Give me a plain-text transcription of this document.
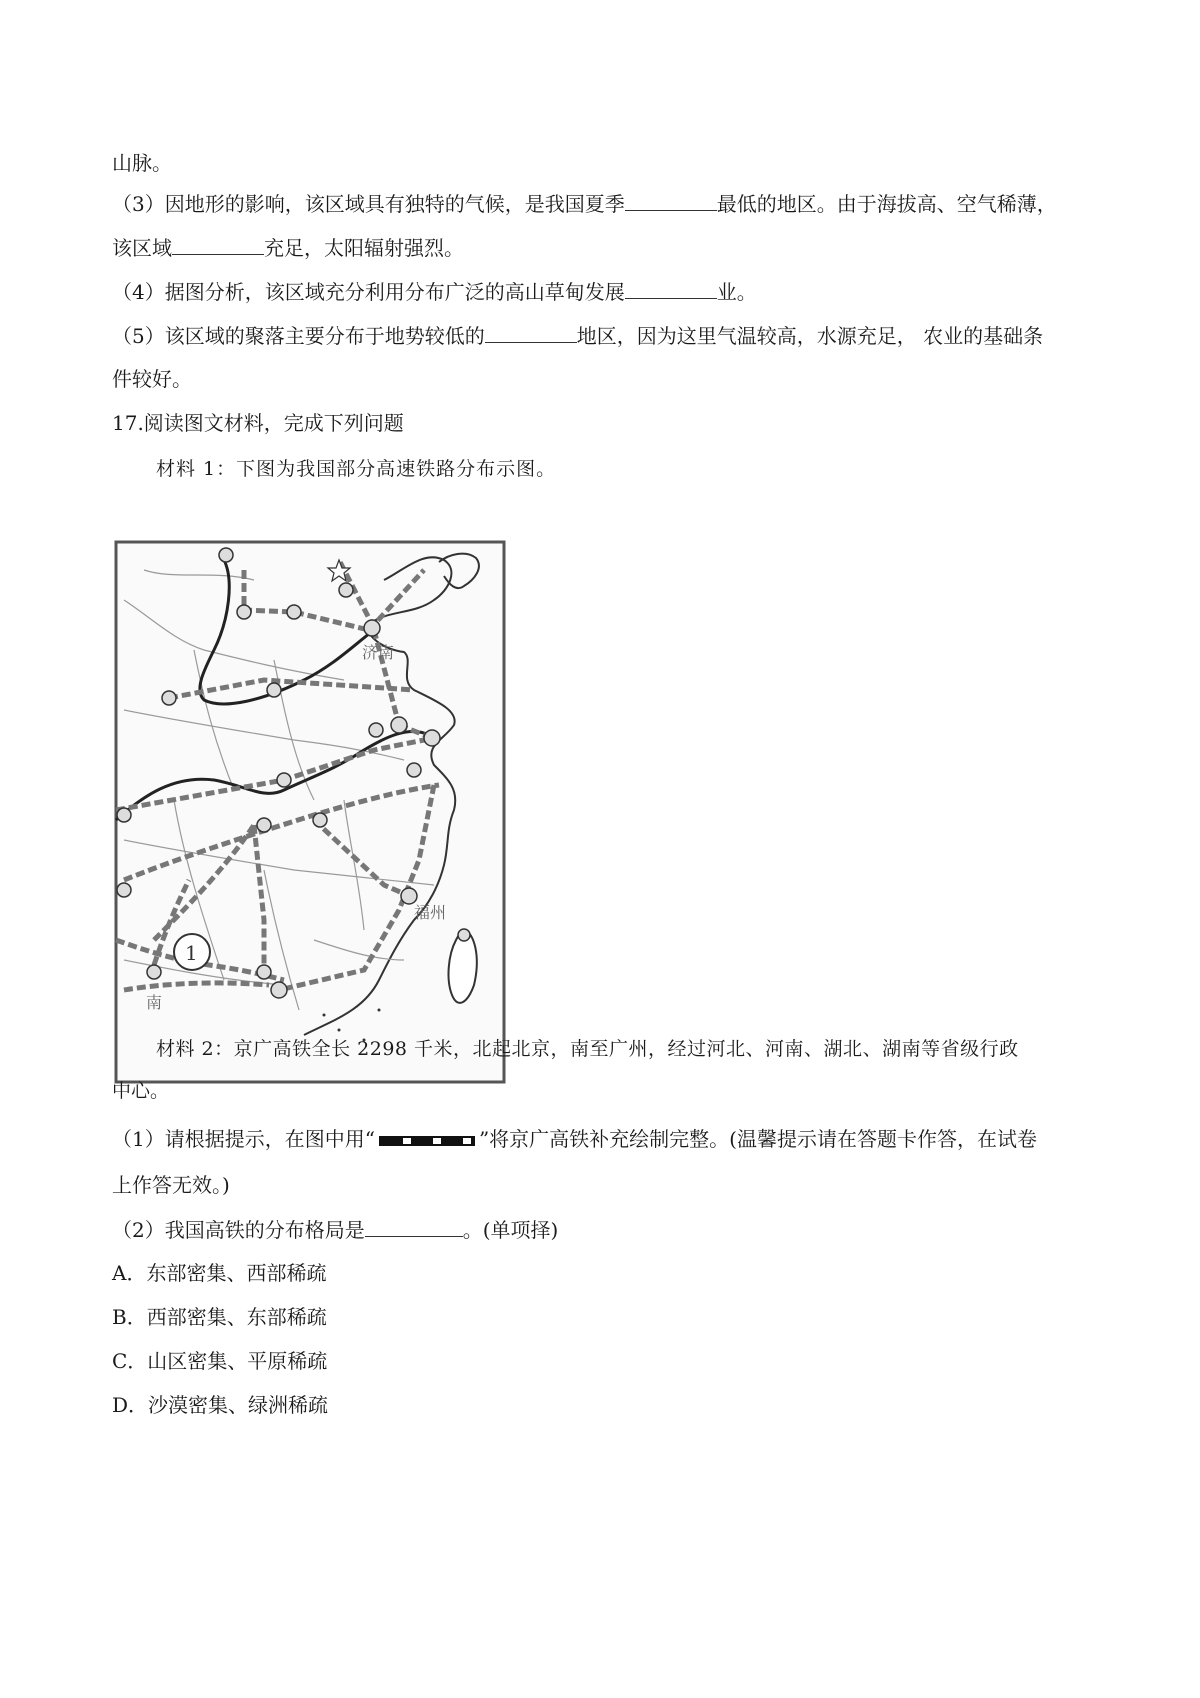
山脉。
（3）因地形的影响，该区域具有独特的气候，是我国夏季	最低的地区。由于海拔高、空气稀薄，
该区域	充足，太阳辐射强烈。
（4）据图分析，该区域充分利用分布广泛的高山草甸发展	业。
（5）该区域的聚落主要分布于地势较低的	地区，因为这里气温较高，水源充足， 农业的基础条
件较好。
17.阅读图文材料，完成下列问题
材料 1：下图为我国部分高速铁路分布示图。
济南
福州
南
1
材料 2：京广高铁全长 2298 千米，北起北京，南至广州，经过河北、河南、湖北、湖南等省级行政
中心。
（1）请根据提示，在图中用“	”将京广高铁补充绘制完整。(温馨提示请在答题卡作答，在试卷
上作答无效。)
（2）我国高铁的分布格局是	。(单项择)
A．东部密集、西部稀疏
B．西部密集、东部稀疏
C．山区密集、平原稀疏
D．沙漠密集、绿洲稀疏
